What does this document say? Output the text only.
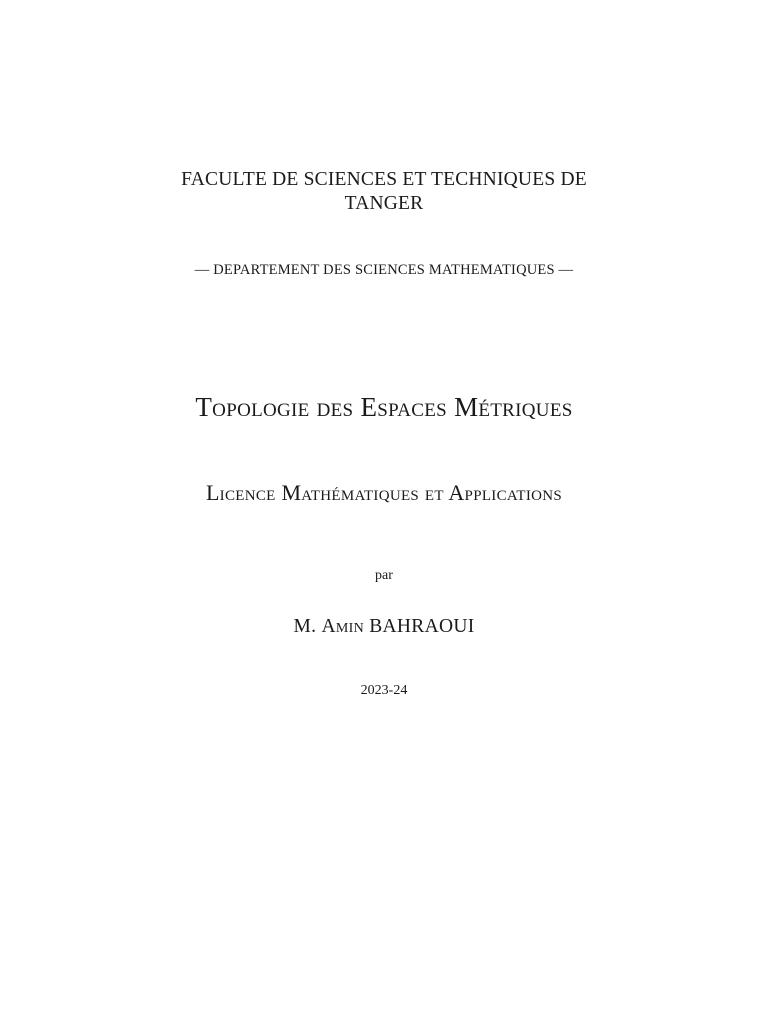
FACULTE DE SCIENCES ET TECHNIQUES DE
TANGER
— DEPARTEMENT DES SCIENCES MATHEMATIQUES —
Topologie des Espaces Métriques
Licence Mathématiques et Applications
par
M. Amin BAHRAOUI
2023-24
